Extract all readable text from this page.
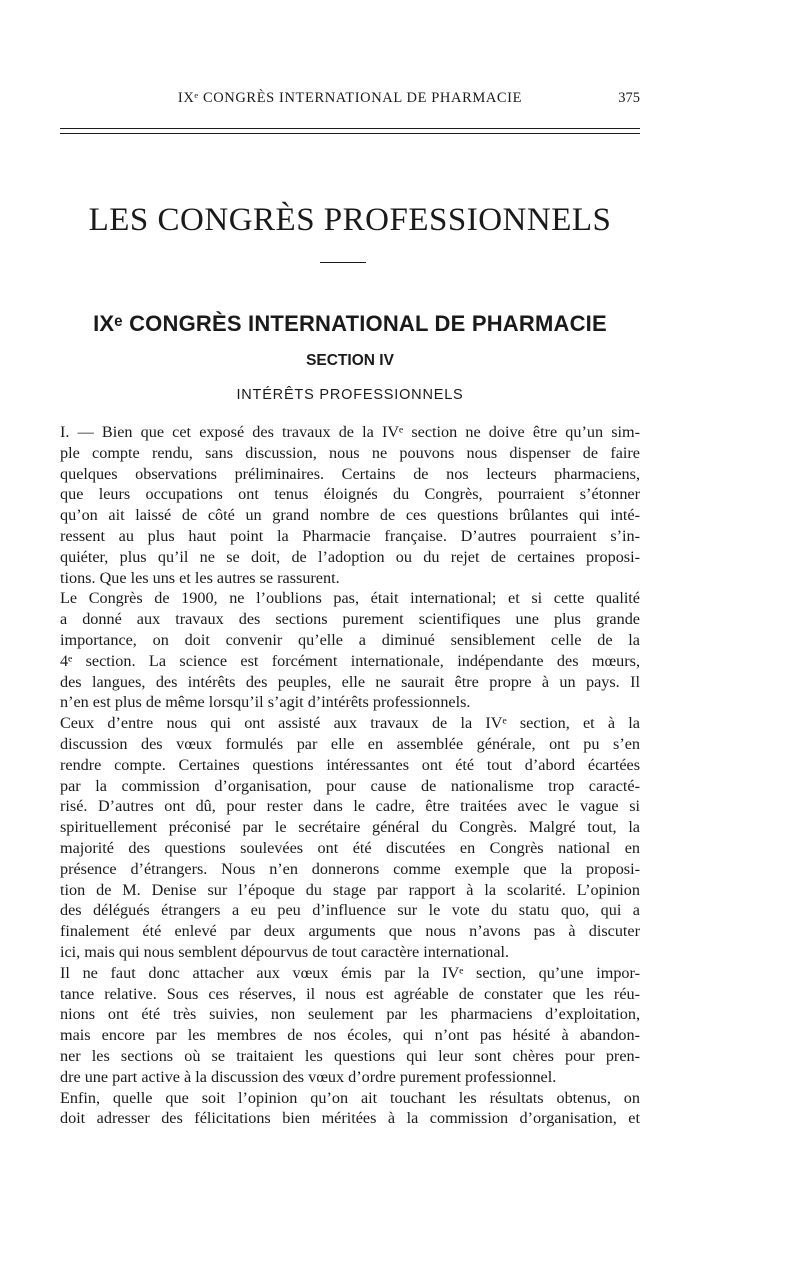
IXᵉ CONGRÈS INTERNATIONAL DE PHARMACIE	375
LES CONGRÈS PROFESSIONNELS
IXᵉ CONGRÈS INTERNATIONAL DE PHARMACIE
SECTION IV
INTÉRÊTS PROFESSIONNELS
I. — Bien que cet exposé des travaux de la IVᵉ section ne doive être qu’un sim-
ple compte rendu, sans discussion, nous ne pouvons nous dispenser de faire
quelques observations préliminaires. Certains de nos lecteurs pharmaciens,
que leurs occupations ont tenus éloignés du Congrès, pourraient s’étonner
qu’on ait laissé de côté un grand nombre de ces questions brûlantes qui inté-
ressent au plus haut point la Pharmacie française. D’autres pourraient s’in-
quiéter, plus qu’il ne se doit, de l’adoption ou du rejet de certaines proposi-
tions. Que les uns et les autres se rassurent.
Le Congrès de 1900, ne l’oublions pas, était international; et si cette qualité
a donné aux travaux des sections purement scientifiques une plus grande
importance, on doit convenir qu’elle a diminué sensiblement celle de la
4ᵉ section. La science est forcément internationale, indépendante des mœurs,
des langues, des intérêts des peuples, elle ne saurait être propre à un pays. Il
n’en est plus de même lorsqu’il s’agit d’intérêts professionnels.
Ceux d’entre nous qui ont assisté aux travaux de la IVᵉ section, et à la
discussion des vœux formulés par elle en assemblée générale, ont pu s’en
rendre compte. Certaines questions intéressantes ont été tout d’abord écartées
par la commission d’organisation, pour cause de nationalisme trop caracté-
risé. D’autres ont dû, pour rester dans le cadre, être traitées avec le vague si
spirituellement préconisé par le secrétaire général du Congrès. Malgré tout, la
majorité des questions soulevées ont été discutées en Congrès national en
présence d’étrangers. Nous n’en donnerons comme exemple que la proposi-
tion de M. Denise sur l’époque du stage par rapport à la scolarité. L’opinion
des délégués étrangers a eu peu d’influence sur le vote du statu quo, qui a
finalement été enlevé par deux arguments que nous n’avons pas à discuter
ici, mais qui nous semblent dépourvus de tout caractère international.
Il ne faut donc attacher aux vœux émis par la IVᵉ section, qu’une impor-
tance relative. Sous ces réserves, il nous est agréable de constater que les réu-
nions ont été très suivies, non seulement par les pharmaciens d’exploitation,
mais encore par les membres de nos écoles, qui n’ont pas hésité à abandon-
ner les sections où se traitaient les questions qui leur sont chères pour pren-
dre une part active à la discussion des vœux d’ordre purement professionnel.
Enfin, quelle que soit l’opinion qu’on ait touchant les résultats obtenus, on
doit adresser des félicitations bien méritées à la commission d’organisation, et
